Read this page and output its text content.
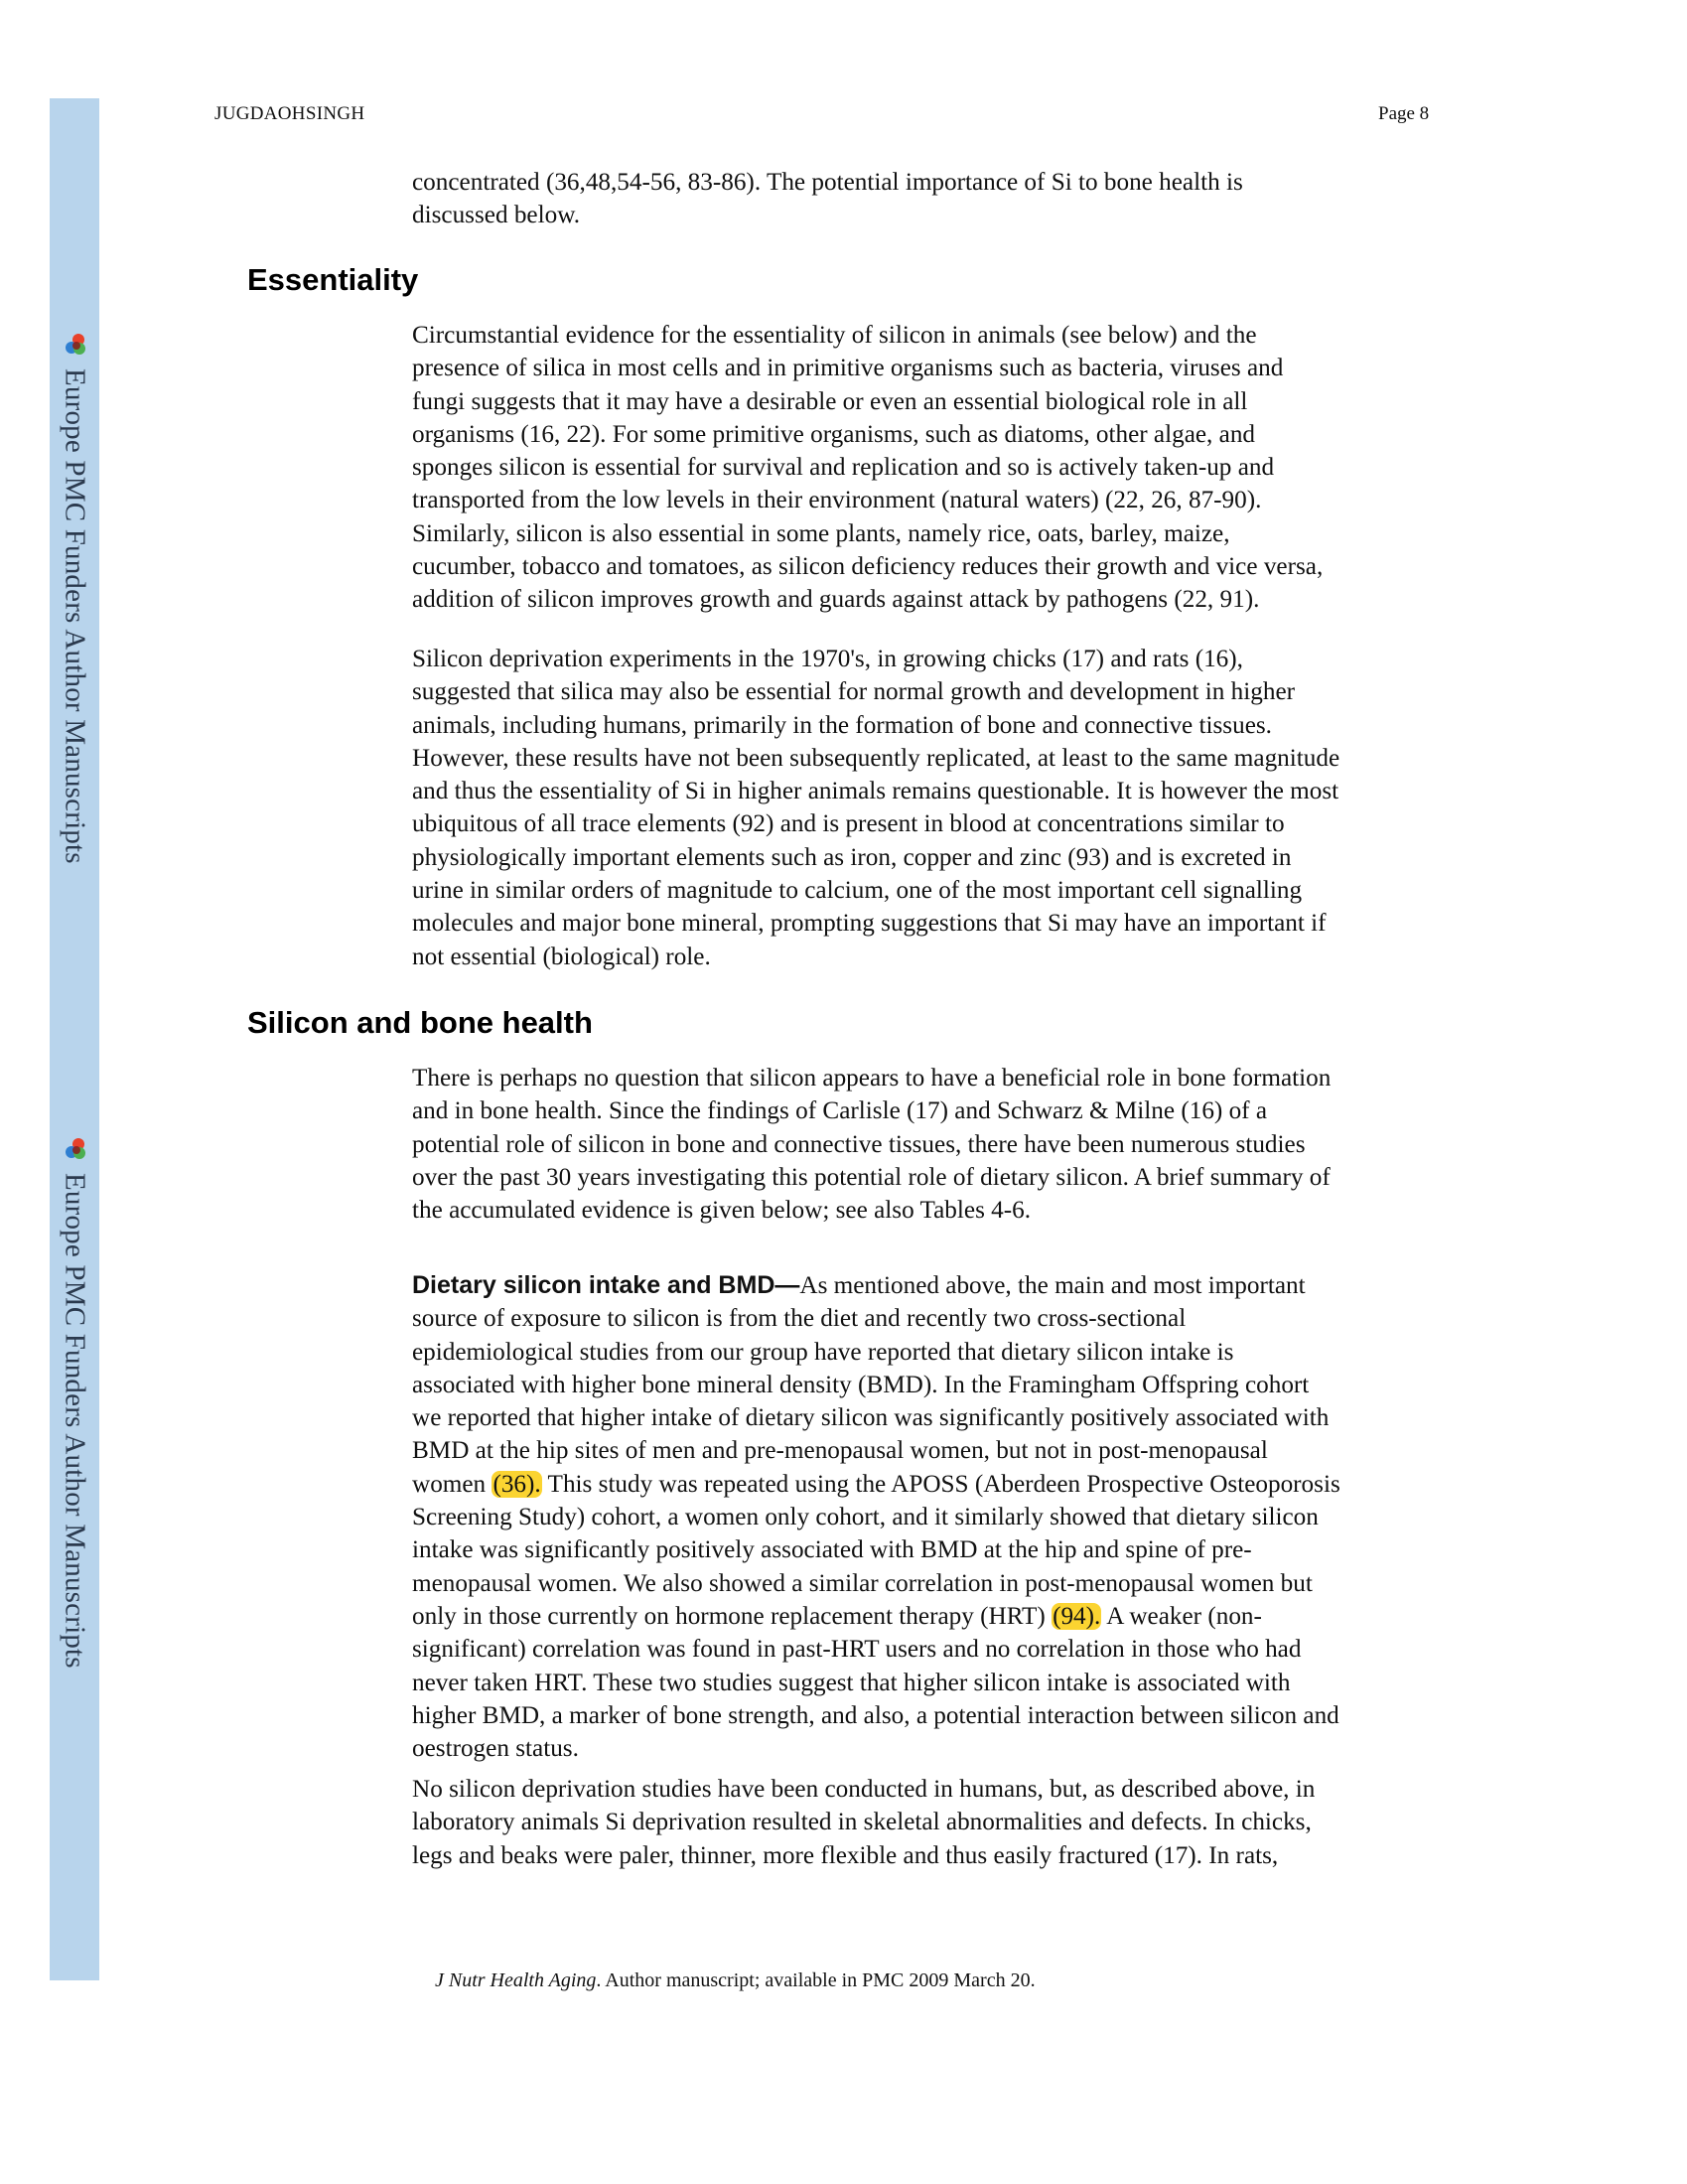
Europe PMC Funders Author Manuscripts
Europe PMC Funders Author Manuscripts
JUGDAOHSINGH	Page 8
concentrated (36,48,54-56, 83-86). The potential importance of Si to bone health is
discussed below.
Essentiality
Circumstantial evidence for the essentiality of silicon in animals (see below) and the
presence of silica in most cells and in primitive organisms such as bacteria, viruses and
fungi suggests that it may have a desirable or even an essential biological role in all
organisms (16, 22). For some primitive organisms, such as diatoms, other algae, and
sponges silicon is essential for survival and replication and so is actively taken-up and
transported from the low levels in their environment (natural waters) (22, 26, 87-90).
Similarly, silicon is also essential in some plants, namely rice, oats, barley, maize,
cucumber, tobacco and tomatoes, as silicon deficiency reduces their growth and vice versa,
addition of silicon improves growth and guards against attack by pathogens (22, 91).
Silicon deprivation experiments in the 1970's, in growing chicks (17) and rats (16),
suggested that silica may also be essential for normal growth and development in higher
animals, including humans, primarily in the formation of bone and connective tissues.
However, these results have not been subsequently replicated, at least to the same magnitude
and thus the essentiality of Si in higher animals remains questionable. It is however the most
ubiquitous of all trace elements (92) and is present in blood at concentrations similar to
physiologically important elements such as iron, copper and zinc (93) and is excreted in
urine in similar orders of magnitude to calcium, one of the most important cell signalling
molecules and major bone mineral, prompting suggestions that Si may have an important if
not essential (biological) role.
Silicon and bone health
There is perhaps no question that silicon appears to have a beneficial role in bone formation
and in bone health. Since the findings of Carlisle (17) and Schwarz & Milne (16) of a
potential role of silicon in bone and connective tissues, there have been numerous studies
over the past 30 years investigating this potential role of dietary silicon. A brief summary of
the accumulated evidence is given below; see also Tables 4-6.
Dietary silicon intake and BMD—As mentioned above, the main and most important
source of exposure to silicon is from the diet and recently two cross-sectional
epidemiological studies from our group have reported that dietary silicon intake is
associated with higher bone mineral density (BMD). In the Framingham Offspring cohort
we reported that higher intake of dietary silicon was significantly positively associated with
BMD at the hip sites of men and pre-menopausal women, but not in post-menopausal
women (36). This study was repeated using the APOSS (Aberdeen Prospective Osteoporosis
Screening Study) cohort, a women only cohort, and it similarly showed that dietary silicon
intake was significantly positively associated with BMD at the hip and spine of pre-
menopausal women. We also showed a similar correlation in post-menopausal women but
only in those currently on hormone replacement therapy (HRT) (94). A weaker (non-
significant) correlation was found in past-HRT users and no correlation in those who had
never taken HRT. These two studies suggest that higher silicon intake is associated with
higher BMD, a marker of bone strength, and also, a potential interaction between silicon and
oestrogen status.
No silicon deprivation studies have been conducted in humans, but, as described above, in
laboratory animals Si deprivation resulted in skeletal abnormalities and defects. In chicks,
legs and beaks were paler, thinner, more flexible and thus easily fractured (17). In rats,
J Nutr Health Aging. Author manuscript; available in PMC 2009 March 20.
